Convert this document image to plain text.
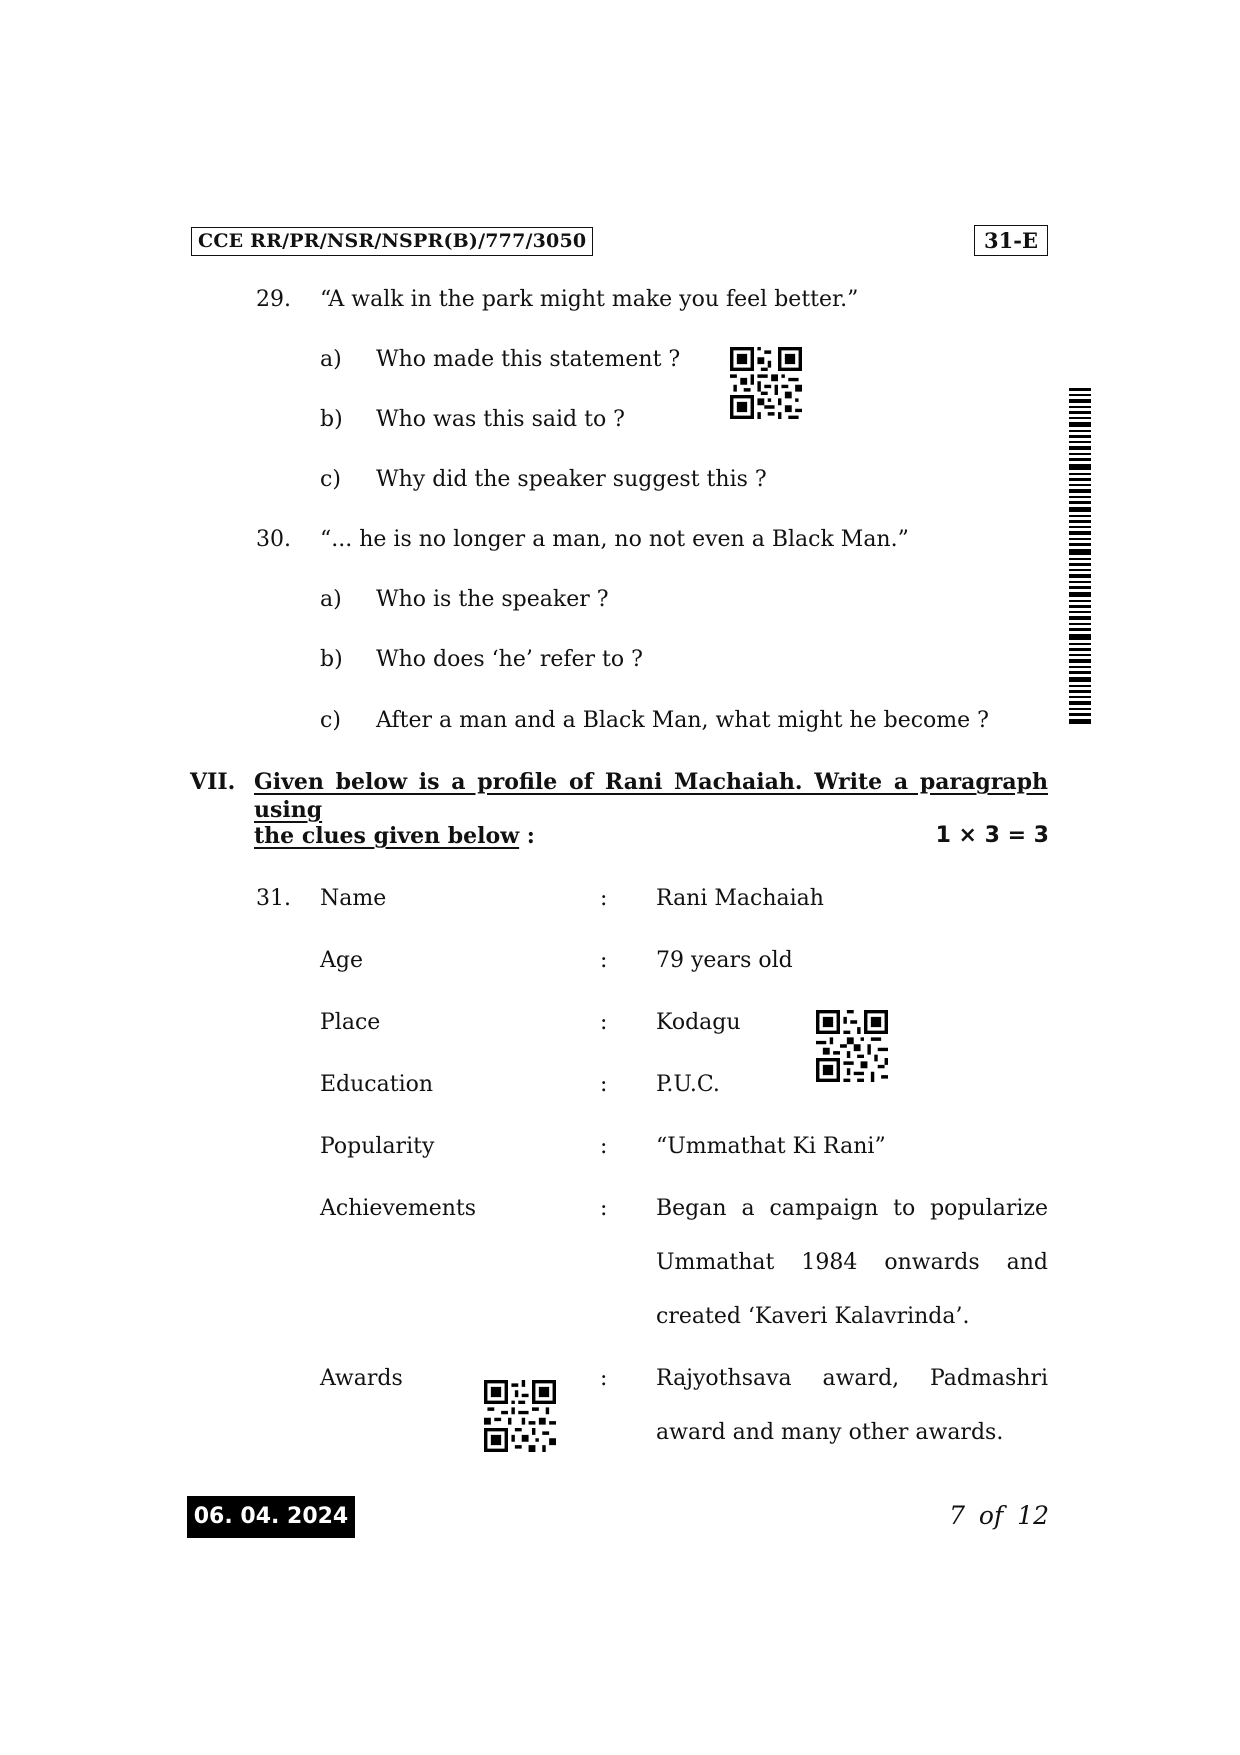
CCE RR/PR/NSR/NSPR(B)/777/3050	31-E
29. “A walk in the park might make you feel better.”
a) Who made this statement ?
b) Who was this said to ?
c) Why did the speaker suggest this ?
30. “... he is no longer a man, no not even a Black Man.”
a) Who is the speaker ?
b) Who does ‘he’ refer to ?
c) After a man and a Black Man, what might he become ?
VII. Given below is a profile of Rani Machaiah. Write a paragraph using
the clues given below :	1 × 3 = 3
31. Name	: Rani Machaiah
Age	: 79 years old
Place	: Kodagu
Education	: P.U.C.
Popularity	: “Ummathat Ki Rani”
Achievements	: Began a campaign to popularize
Ummathat 1984 onwards and
created ‘Kaveri Kalavrinda’.
Awards	: Rajyothsava award, Padmashri
award and many other awards.
06. 04. 2024	7 of 12
